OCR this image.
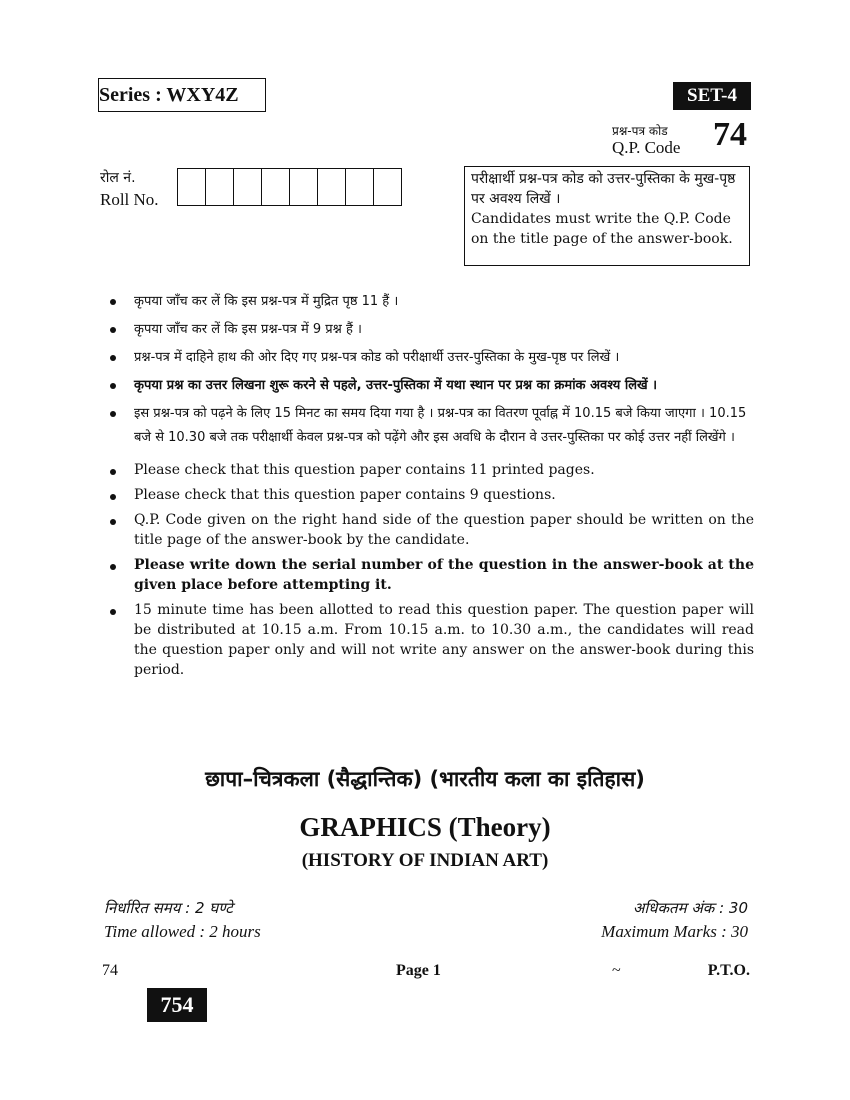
Series : WXY4Z	SET-4
प्रश्न-पत्र कोड
Q.P. Code 74
रोल नं.
Roll No.
परीक्षार्थी प्रश्न-पत्र कोड को उत्तर-पुस्तिका के मुख-पृष्ठ पर अवश्य लिखें ।
Candidates must write the Q.P. Code on the title page of the answer-book.
कृपया जाँच कर लें कि इस प्रश्न-पत्र में मुद्रित पृष्ठ 11 हैं ।
कृपया जाँच कर लें कि इस प्रश्न-पत्र में 9 प्रश्न हैं ।
प्रश्न-पत्र में दाहिने हाथ की ओर दिए गए प्रश्न-पत्र कोड को परीक्षार्थी उत्तर-पुस्तिका के मुख-पृष्ठ पर लिखें ।
कृपया प्रश्न का उत्तर लिखना शुरू करने से पहले, उत्तर-पुस्तिका में यथा स्थान पर प्रश्न का क्रमांक अवश्य लिखें ।
इस प्रश्न-पत्र को पढ़ने के लिए 15 मिनट का समय दिया गया है । प्रश्न-पत्र का वितरण पूर्वाह्न में 10.15 बजे किया जाएगा । 10.15 बजे से 10.30 बजे तक परीक्षार्थी केवल प्रश्न-पत्र को पढ़ेंगे और इस अवधि के दौरान वे उत्तर-पुस्तिका पर कोई उत्तर नहीं लिखेंगे ।
Please check that this question paper contains 11 printed pages.
Please check that this question paper contains 9 questions.
Q.P. Code given on the right hand side of the question paper should be written on the title page of the answer-book by the candidate.
Please write down the serial number of the question in the answer-book at the given place before attempting it.
15 minute time has been allotted to read this question paper. The question paper will be distributed at 10.15 a.m. From 10.15 a.m. to 10.30 a.m., the candidates will read the question paper only and will not write any answer on the answer-book during this period.
छापा–चित्रकला (सैद्धान्तिक) (भारतीय कला का इतिहास)
GRAPHICS (Theory)
(HISTORY OF INDIAN ART)
निर्धारित समय : 2 घण्टे
Time allowed : 2 hours
अधिकतम अंक : 30
Maximum Marks : 30
74	Page 1	~	P.T.O.
754
